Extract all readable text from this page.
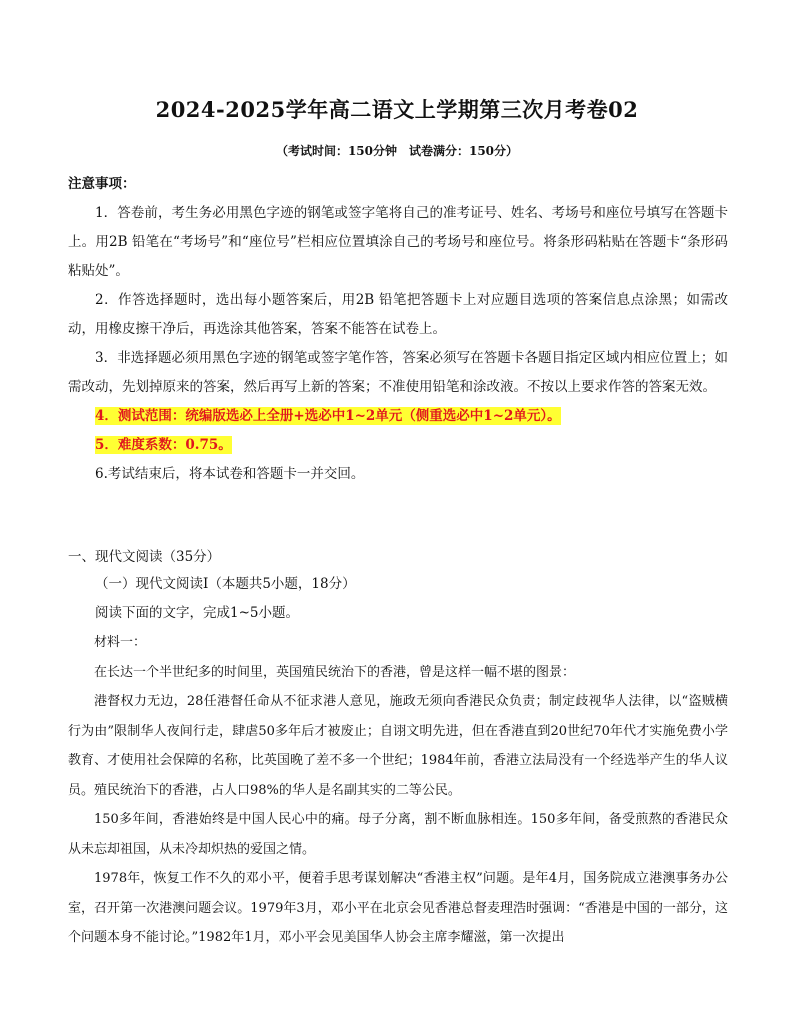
2024-2025学年高二语文上学期第三次月考卷02
（考试时间：150分钟　试卷满分：150分）

注意事项：

1．答卷前，考生务必用黑色字迹的钢笔或签字笔将自己的准考证号、姓名、考场号和座位号填写在答题卡上。用2B 铅笔在“考场号”和“座位号”栏相应位置填涂自己的考场号和座位号。将条形码粘贴在答题卡“条形码粘贴处”。

2．作答选择题时，选出每小题答案后，用2B 铅笔把答题卡上对应题目选项的答案信息点涂黑；如需改动，用橡皮擦干净后，再选涂其他答案，答案不能答在试卷上。

3．非选择题必须用黑色字迹的钢笔或签字笔作答，答案必须写在答题卡各题目指定区域内相应位置上；如需改动，先划掉原来的答案，然后再写上新的答案；不准使用铅笔和涂改液。不按以上要求作答的答案无效。

4．测试范围：统编版选必上全册+选必中1~2单元（侧重选必中1~2单元）。

5．难度系数：0.75。

6.考试结束后，将本试卷和答题卡一并交回。

一、现代文阅读（35分）

（一）现代文阅读Ⅰ（本题共5小题，18分）

阅读下面的文字，完成1~5小题。

材料一：

在长达一个半世纪多的时间里，英国殖民统治下的香港，曾是这样一幅不堪的图景：

港督权力无边，28任港督任命从不征求港人意见，施政无须向香港民众负责；制定歧视华人法律，以“盗贼横行为由”限制华人夜间行走，肆虐50多年后才被废止；自诩文明先进，但在香港直到20世纪70年代才实施免费小学教育、才使用社会保障的名称，比英国晚了差不多一个世纪；1984年前，香港立法局没有一个经选举产生的华人议员。殖民统治下的香港，占人口98%的华人是名副其实的二等公民。

150多年间，香港始终是中国人民心中的痛。母子分离，割不断血脉相连。150多年间，备受煎熬的香港民众从未忘却祖国，从未冷却炽热的爱国之情。

1978年，恢复工作不久的邓小平，便着手思考谋划解决“香港主权”问题。是年4月，国务院成立港澳事务办公室，召开第一次港澳问题会议。1979年3月，邓小平在北京会见香港总督麦理浩时强调：“香港是中国的一部分，这个问题本身不能讨论。”1982年1月，邓小平会见美国华人协会主席李耀滋，第一次提出
